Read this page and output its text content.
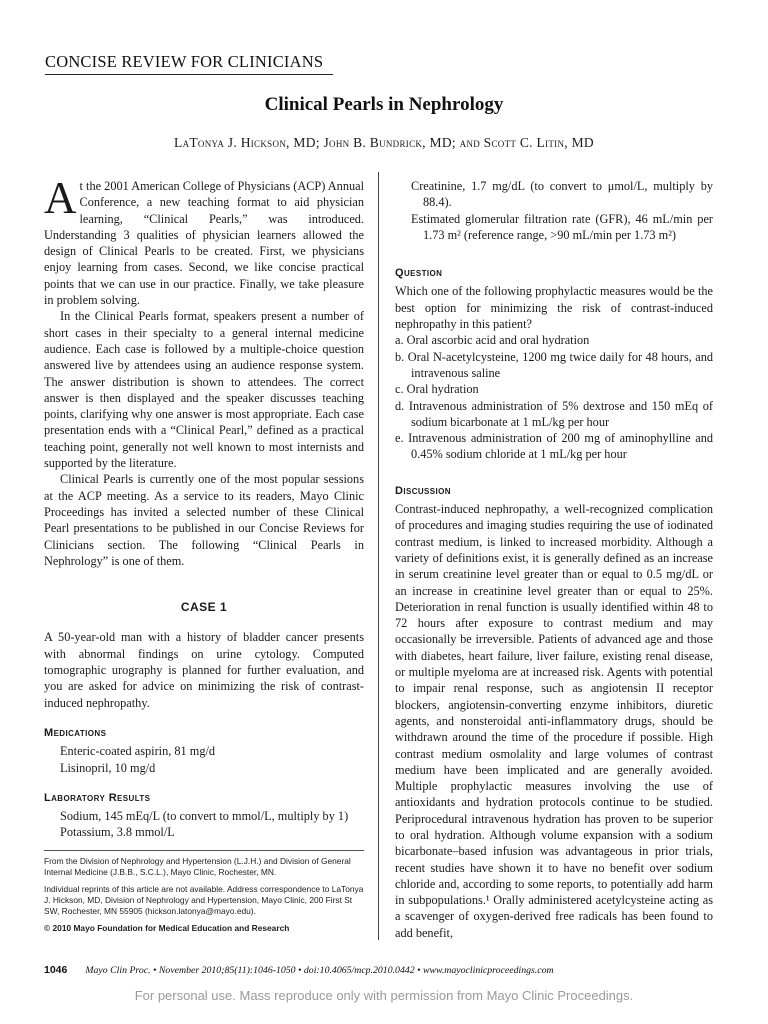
CONCISE REVIEW FOR CLINICIANS
Clinical Pearls in Nephrology
LaTonya J. Hickson, MD; John B. Bundrick, MD; and Scott C. Litin, MD

At the 2001 American College of Physicians (ACP) Annual Conference, a new teaching format to aid physician learning, “Clinical Pearls,” was introduced. Understanding 3 qualities of physician learners allowed the design of Clinical Pearls to be created. First, we physicians enjoy learning from cases. Second, we like concise practical points that we can use in our practice. Finally, we take pleasure in problem solving.

In the Clinical Pearls format, speakers present a number of short cases in their specialty to a general internal medicine audience. Each case is followed by a multiple-choice question answered live by attendees using an audience response system. The answer distribution is shown to attendees. The correct answer is then displayed and the speaker discusses teaching points, clarifying why one answer is most appropriate. Each case presentation ends with a “Clinical Pearl,” defined as a practical teaching point, generally not well known to most internists and supported by the literature.

Clinical Pearls is currently one of the most popular sessions at the ACP meeting. As a service to its readers, Mayo Clinic Proceedings has invited a selected number of these Clinical Pearl presentations to be published in our Concise Reviews for Clinicians section. The following “Clinical Pearls in Nephrology” is one of them.

CASE 1

A 50-year-old man with a history of bladder cancer presents with abnormal findings on urine cytology. Computed tomographic urography is planned for further evaluation, and you are asked for advice on minimizing the risk of contrast-induced nephropathy.

Medications
Enteric-coated aspirin, 81 mg/d
Lisinopril, 10 mg/d
Laboratory Results
Sodium, 145 mEq/L (to convert to mmol/L, multiply by 1)
Potassium, 3.8 mmol/L
Creatinine, 1.7 mg/dL (to convert to μmol/L, multiply by 88.4).
Estimated glomerular filtration rate (GFR), 46 mL/min per 1.73 m² (reference range, >90 mL/min per 1.73 m²)
Question

Which one of the following prophylactic measures would be the best option for minimizing the risk of contrast-induced nephropathy in this patient?

a. Oral ascorbic acid and oral hydration
b. Oral N-acetylcysteine, 1200 mg twice daily for 48 hours, and intravenous saline
c. Oral hydration
d. Intravenous administration of 5% dextrose and 150 mEq of sodium bicarbonate at 1 mL/kg per hour
e. Intravenous administration of 200 mg of aminophylline and 0.45% sodium chloride at 1 mL/kg per hour
Discussion

Contrast-induced nephropathy, a well-recognized complication of procedures and imaging studies requiring the use of iodinated contrast medium, is linked to increased morbidity. Although a variety of definitions exist, it is generally defined as an increase in serum creatinine level greater than or equal to 0.5 mg/dL or an increase in creatinine level greater than or equal to 25%. Deterioration in renal function is usually identified within 48 to 72 hours after exposure to contrast medium and may occasionally be irreversible. Patients of advanced age and those with diabetes, heart failure, liver failure, existing renal disease, or multiple myeloma are at increased risk. Agents with potential to impair renal response, such as angiotensin II receptor blockers, angiotensin-converting enzyme inhibitors, diuretic agents, and nonsteroidal anti-inflammatory drugs, should be withdrawn around the time of the procedure if possible. High contrast medium osmolality and large volumes of contrast medium have been implicated and are generally avoided. Multiple prophylactic measures involving the use of antioxidants and hydration protocols continue to be studied. Periprocedural intravenous hydration has proven to be superior to oral hydration. Although volume expansion with a sodium bicarbonate–based infusion was advantageous in prior trials, recent studies have shown it to have no benefit over sodium chloride and, according to some reports, to potentially add harm in subpopulations.¹ Orally administered acetylcysteine acting as a scavenger of oxygen-derived free radicals has been found to add benefit,

From the Division of Nephrology and Hypertension (L.J.H.) and Division of General Internal Medicine (J.B.B., S.C.L.), Mayo Clinic, Rochester, MN.

Individual reprints of this article are not available. Address correspondence to LaTonya J. Hickson, MD, Division of Nephrology and Hypertension, Mayo Clinic, 200 First St SW, Rochester, MN 55905 (hickson.latonya@mayo.edu).

© 2010 Mayo Foundation for Medical Education and Research

1046 Mayo Clin Proc. • November 2010;85(11):1046-1050 • doi:10.4065/mcp.2010.0442 • www.mayoclinicproceedings.com
For personal use. Mass reproduce only with permission from Mayo Clinic Proceedings.
